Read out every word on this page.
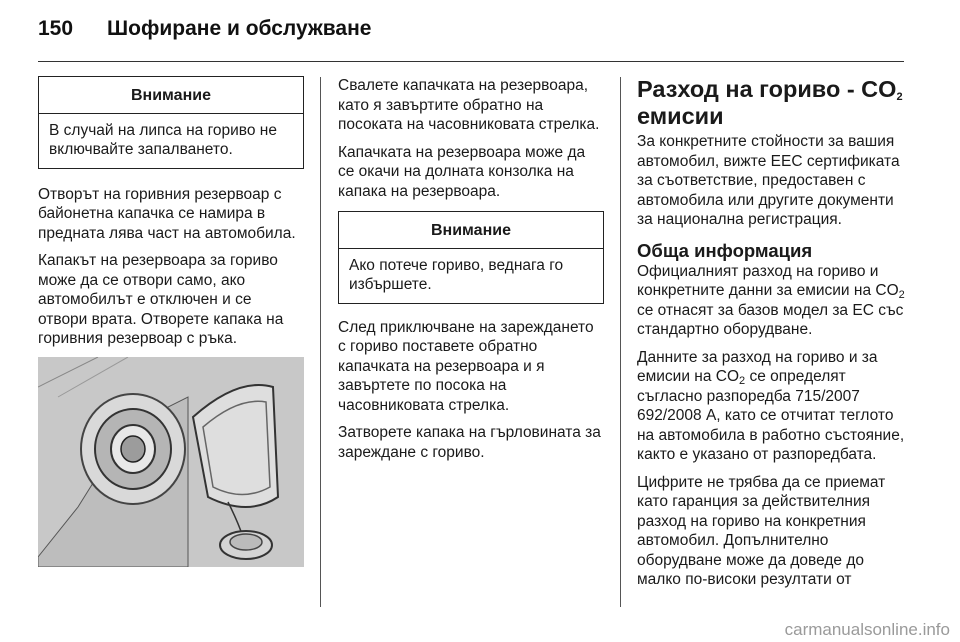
150 Шофиране и обслужване
Внимание
В случай на липса на гориво не включвайте запалването.

Отворът на горивния резервоар с байонетна капачка се намира в предната лява част на автомобила.

Капакът на резервоара за гориво може да се отвори само, ако автомобилът е отключен и се отвори врата. Отворете капака на горивния резервоар с ръка.

Свалете капачката на резервоара, като я завъртите обратно на посоката на часовниковата стрелка.

Капачката на резервоара може да се окачи на долната конзолка на капака на резервоара.

Внимание
Ако потече гориво, веднага го избършете.

След приключване на зареждането с гориво поставете обратно капачката на резервоара и я завъртете по посока на часовниковата стрелка.

Затворете капака на гърловината за зареждане с гориво.

Разход на гориво - $CO_2$
емисии

За конкретните стойности за вашия автомобил, вижте ЕЕС сертификата за съответствие, предоставен с автомобила или другите документи за национална регистрация.

Обща информация

Официалният разход на гориво и конкретните данни за емисии на $CO_2$ се отнасят за базов модел за ЕС със стандартно оборудване.

Данните за разход на гориво и за емисии на $CO_2$ се определят съгласно разпоредба 715/2007 692/2008 A, като се отчитат теглото на автомобила в работно състояние, както е указано от разпоредбата.

Цифрите не трябва да се приемат като гаранция за действителния разход на гориво на конкретния автомобил. Допълнително оборудване може да доведе до малко по-високи резултати от

carmanualsonline.info
